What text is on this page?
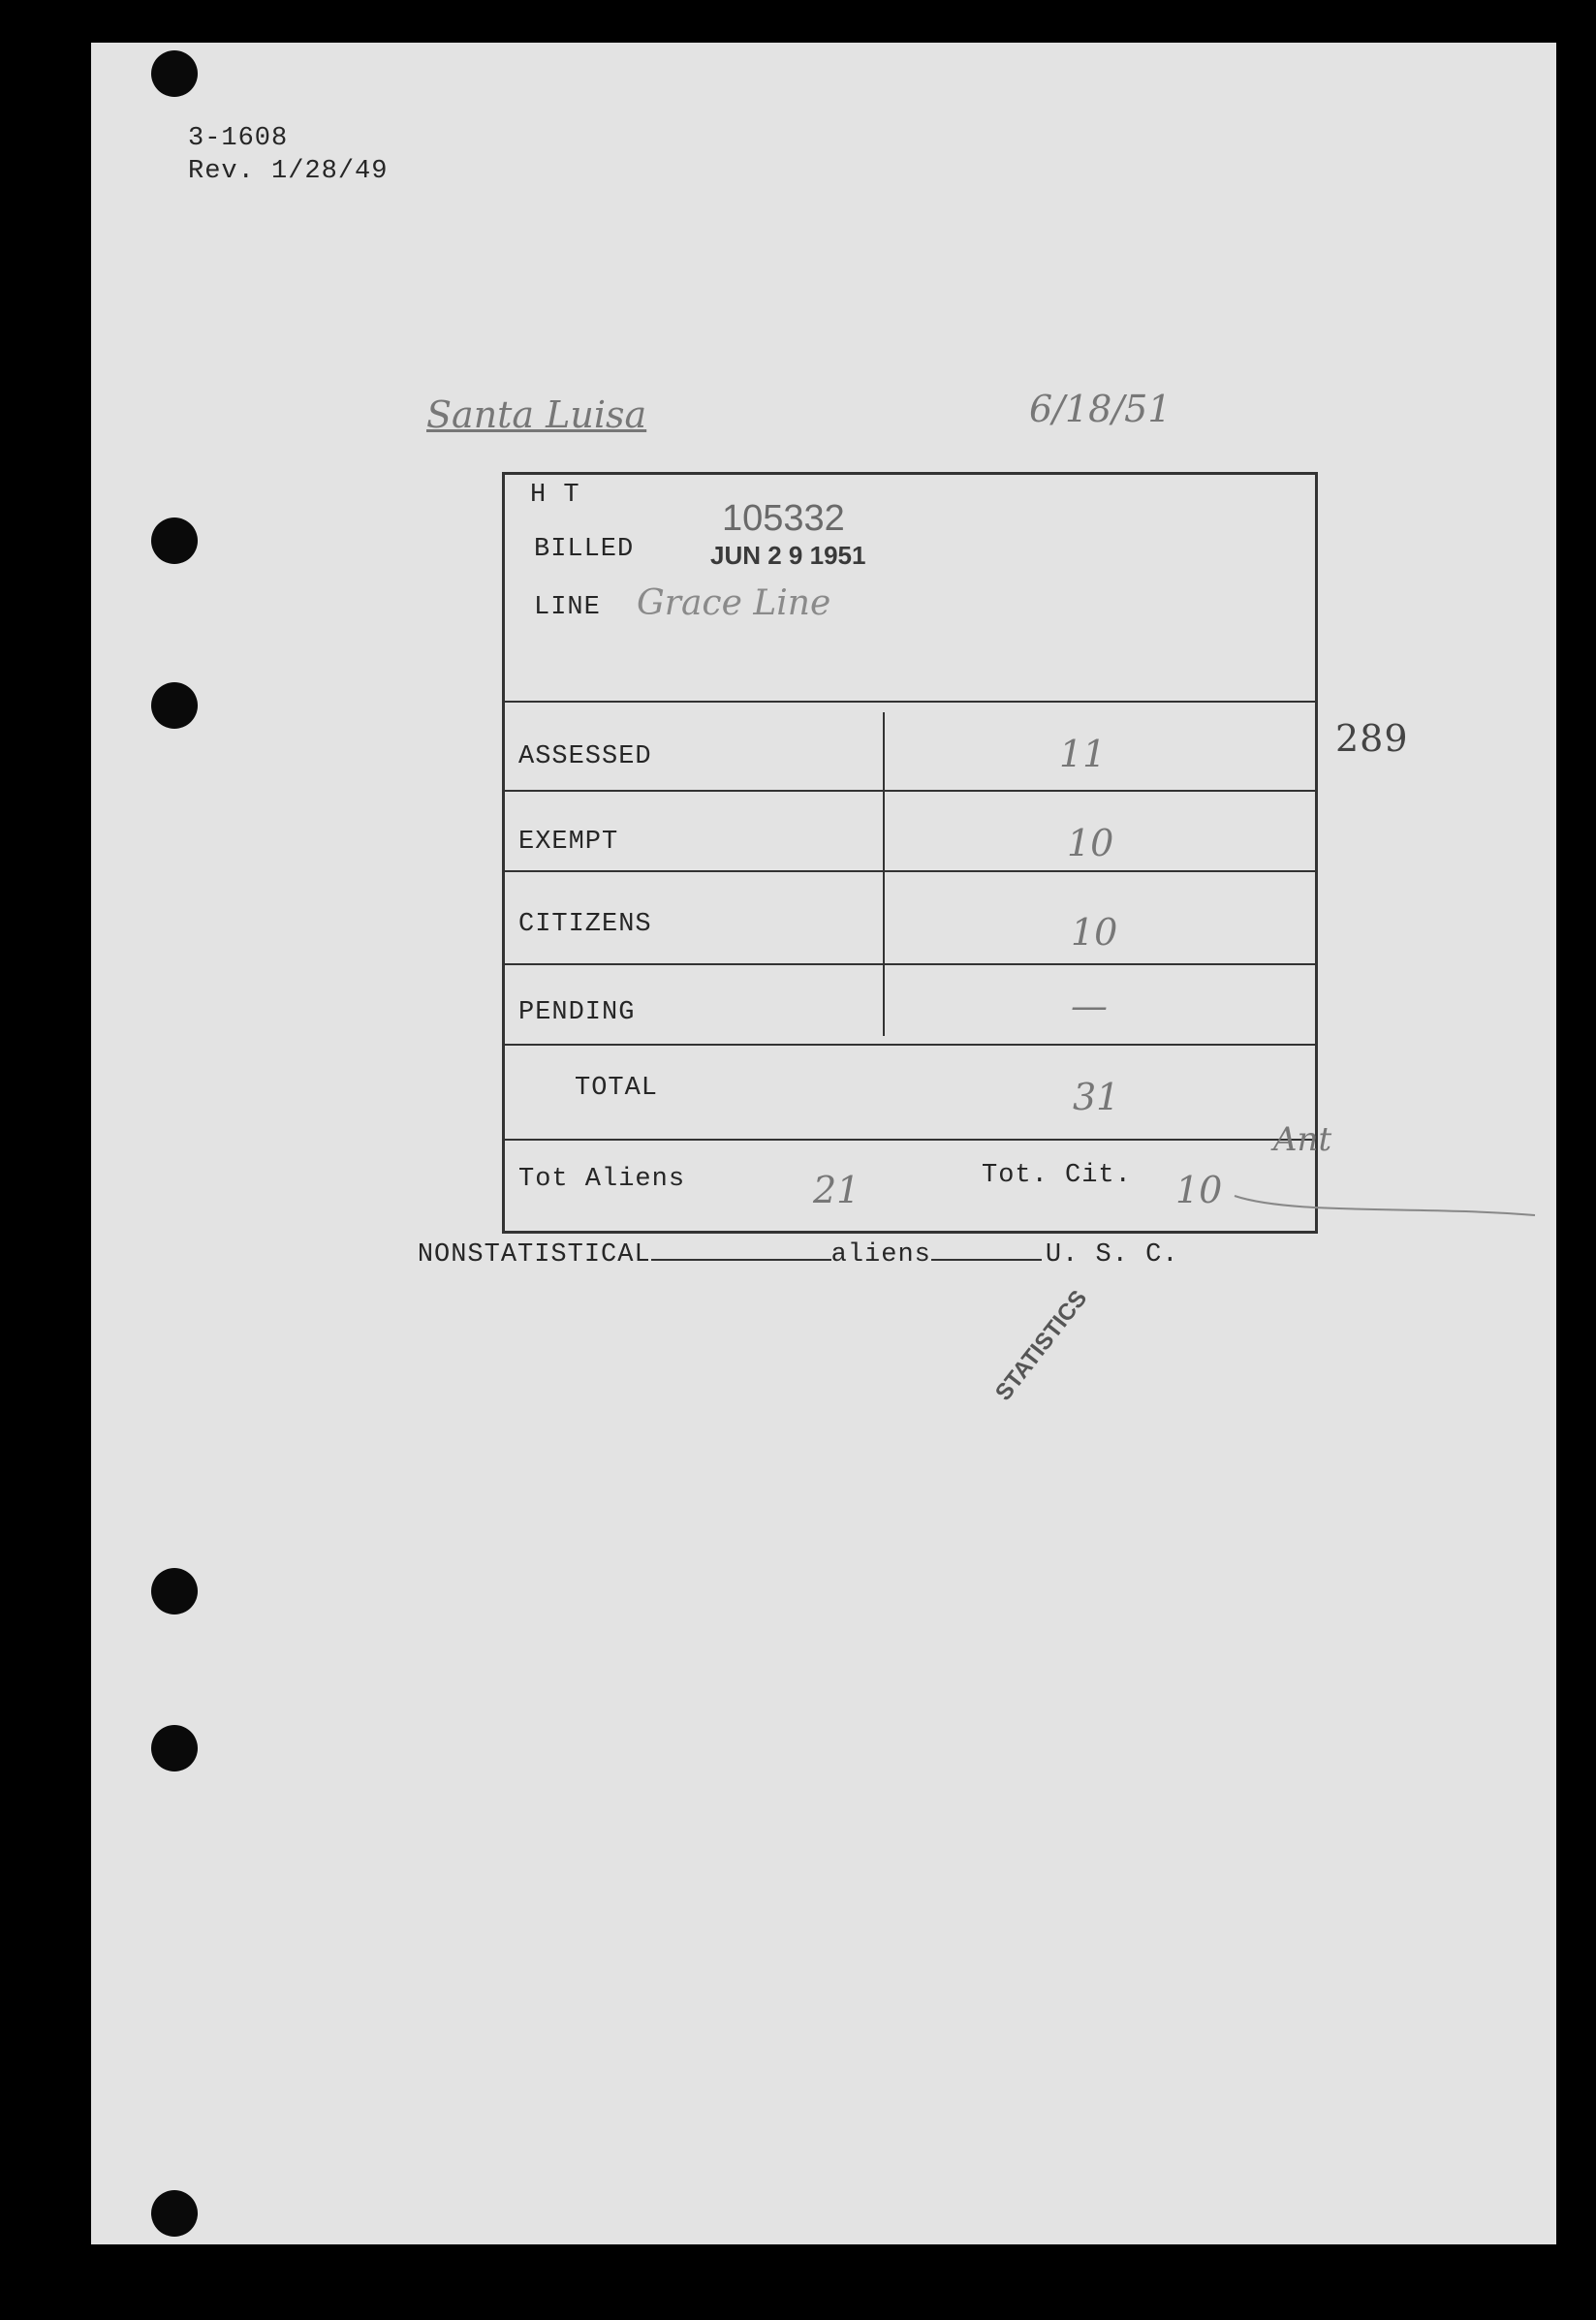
3-1608
Rev. 1/28/49
Santa Luisa	6/18/51
H T
BILLED
LINE
105332
JUN 2 9 1951
Grace Line
ASSESSED	11
EXEMPT	10
CITIZENS	10
PENDING	—
TOTAL	31
Tot Aliens	21	Tot. Cit. 10
289
Ant

NONSTATISTICAL	aliens	U. S. C.

STATISTICS
